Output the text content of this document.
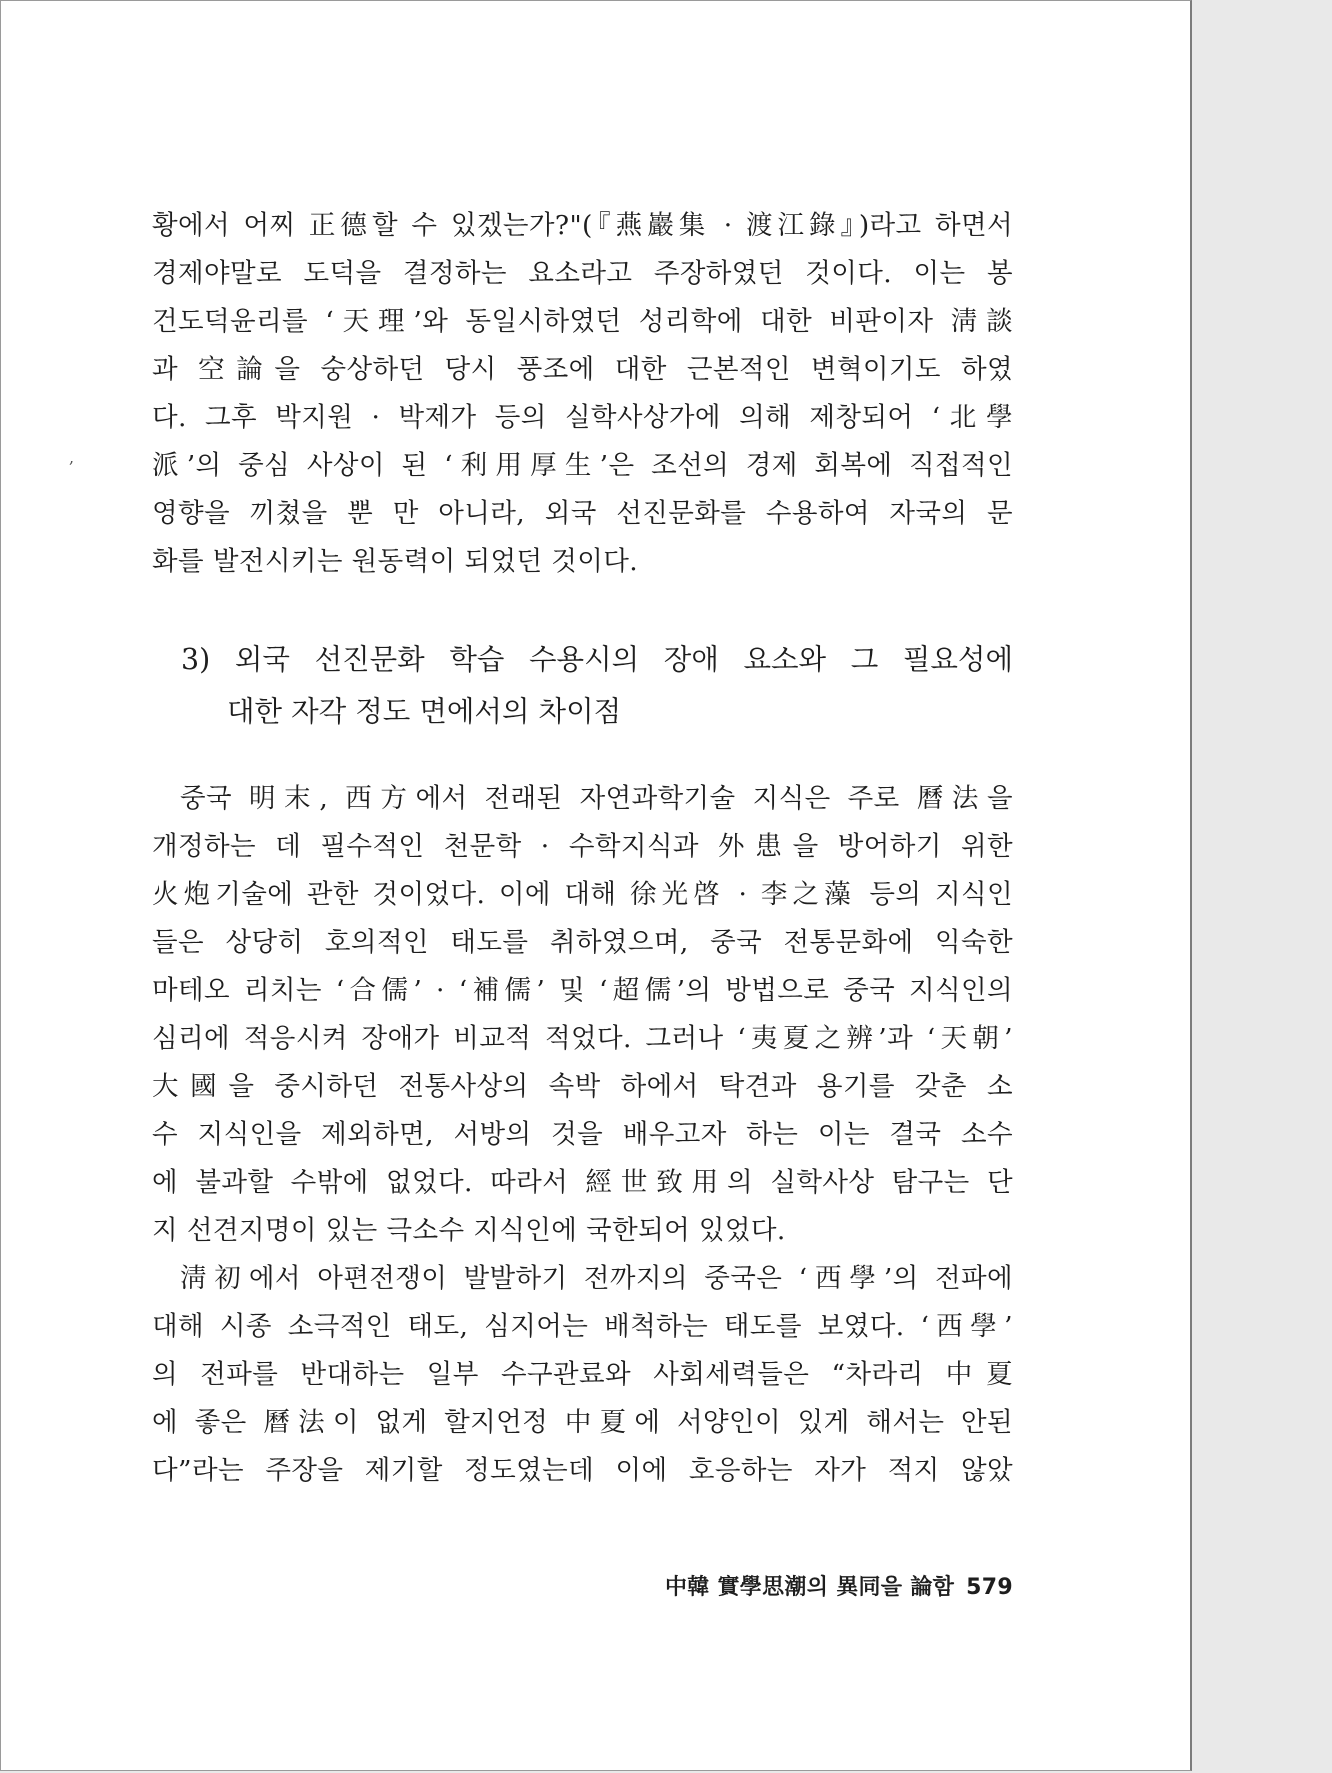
,
황에서 어찌 正德할 수 있겠는가?"(『燕巖集 · 渡江錄』)라고 하면서
경제야말로 도덕을 결정하는 요소라고 주장하였던 것이다. 이는 봉
건도덕윤리를 ‘天理’와 동일시하였던 성리학에 대한 비판이자 淸談
과 空論을 숭상하던 당시 풍조에 대한 근본적인 변혁이기도 하였
다. 그후 박지원 · 박제가 등의 실학사상가에 의해 제창되어 ‘北學
派’의 중심 사상이 된 ‘利用厚生’은 조선의 경제 회복에 직접적인
영향을 끼쳤을 뿐 만 아니라, 외국 선진문화를 수용하여 자국의 문
화를 발전시키는 원동력이 되었던 것이다.
3) 외국 선진문화 학습 수용시의 장애 요소와 그 필요성에
대한 자각 정도 면에서의 차이점
중국 明末, 西方에서 전래된 자연과학기술 지식은 주로 曆法을
개정하는 데 필수적인 천문학 · 수학지식과 外患을 방어하기 위한
火炮기술에 관한 것이었다. 이에 대해 徐光啓 · 李之藻 등의 지식인
들은 상당히 호의적인 태도를 취하였으며, 중국 전통문화에 익숙한
마테오 리치는 ‘合儒’ · ‘補儒’ 및 ‘超儒’의 방법으로 중국 지식인의
심리에 적응시켜 장애가 비교적 적었다. 그러나 ‘夷夏之辨’과 ‘天朝’
大國을 중시하던 전통사상의 속박 하에서 탁견과 용기를 갖춘 소
수 지식인을 제외하면, 서방의 것을 배우고자 하는 이는 결국 소수
에 불과할 수밖에 없었다. 따라서 經世致用의 실학사상 탐구는 단
지 선견지명이 있는 극소수 지식인에 국한되어 있었다.
淸初에서 아편전쟁이 발발하기 전까지의 중국은 ‘西學’의 전파에
대해 시종 소극적인 태도, 심지어는 배척하는 태도를 보였다. ‘西學’
의 전파를 반대하는 일부 수구관료와 사회세력들은 “차라리 中夏
에 좋은 曆法이 없게 할지언정 中夏에 서양인이 있게 해서는 안된
다”라는 주장을 제기할 정도였는데 이에 호응하는 자가 적지 않았
中韓 實學思潮의 異同을 論함 579
